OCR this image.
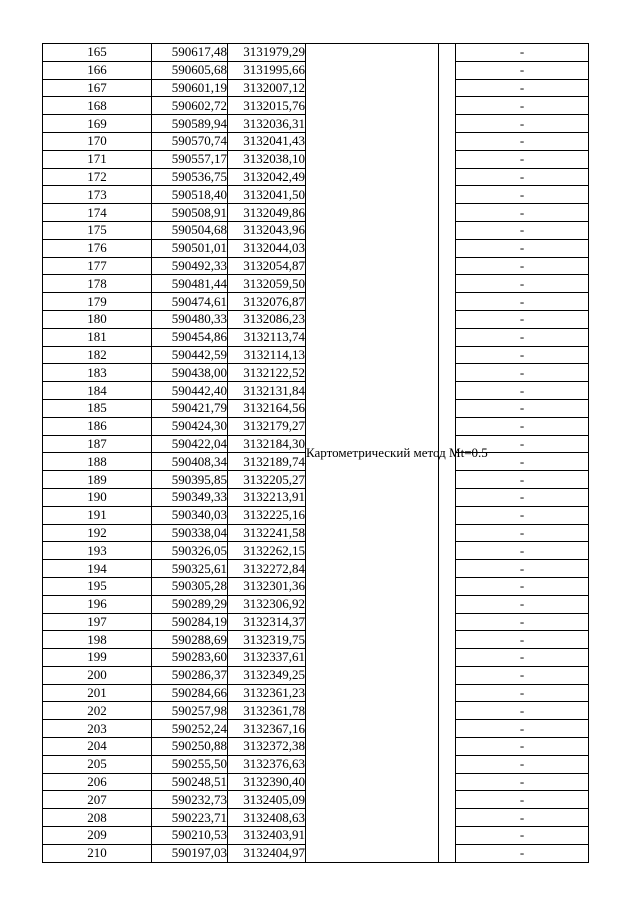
165	590617,48	3131979,29	Картометрический метод Mt=0.5		-
166	590605,68	3131995,66			-
167	590601,19	3132007,12			-
168	590602,72	3132015,76			-
169	590589,94	3132036,31			-
170	590570,74	3132041,43			-
171	590557,17	3132038,10			-
172	590536,75	3132042,49			-
173	590518,40	3132041,50			-
174	590508,91	3132049,86			-
175	590504,68	3132043,96			-
176	590501,01	3132044,03			-
177	590492,33	3132054,87			-
178	590481,44	3132059,50			-
179	590474,61	3132076,87			-
180	590480,33	3132086,23			-
181	590454,86	3132113,74			-
182	590442,59	3132114,13			-
183	590438,00	3132122,52			-
184	590442,40	3132131,84			-
185	590421,79	3132164,56			-
186	590424,30	3132179,27			-
187	590422,04	3132184,30			-
188	590408,34	3132189,74			-
189	590395,85	3132205,27			-
190	590349,33	3132213,91			-
191	590340,03	3132225,16			-
192	590338,04	3132241,58			-
193	590326,05	3132262,15			-
194	590325,61	3132272,84			-
195	590305,28	3132301,36			-
196	590289,29	3132306,92			-
197	590284,19	3132314,37			-
198	590288,69	3132319,75			-
199	590283,60	3132337,61			-
200	590286,37	3132349,25			-
201	590284,66	3132361,23			-
202	590257,98	3132361,78			-
203	590252,24	3132367,16			-
204	590250,88	3132372,38			-
205	590255,50	3132376,63			-
206	590248,51	3132390,40			-
207	590232,73	3132405,09			-
208	590223,71	3132408,63			-
209	590210,53	3132403,91			-
210	590197,03	3132404,97			-
